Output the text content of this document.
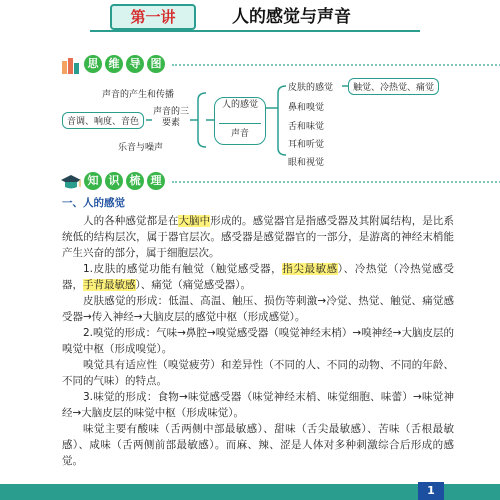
第一讲	人的感觉与声音
思 维 导 图
声音的产生和传播
音调、响度、音色
声音的三要素
乐音与噪声
人的感觉
声音
皮肤的感觉	触觉、冷热觉、痛觉
鼻和嗅觉
舌和味觉
耳和听觉
眼和视觉
知 识 梳 理

一、人的感觉

人的各种感觉都是在大脑中形成的。感觉器官是指感受器及其附属结构，是比系统低的结构层次，属于器官层次。感受器是感觉器官的一部分，是游离的神经末梢能产生兴奋的部分，属于细胞层次。

1.皮肤的感觉功能有触觉（触觉感受器，指尖最敏感）、冷热觉（冷热觉感受器，手背最敏感）、痛觉（痛觉感受器）。

皮肤感觉的形成：低温、高温、触压、损伤等刺激→冷觉、热觉、触觉、痛觉感受器→传入神经→大脑皮层的感觉中枢（形成感觉）。

2.嗅觉的形成：气味→鼻腔→嗅觉感受器（嗅觉神经末梢）→嗅神经→大脑皮层的嗅觉中枢（形成嗅觉）。

嗅觉具有适应性（嗅觉疲劳）和差异性（不同的人、不同的动物、不同的年龄、不同的气味）的特点。

3.味觉的形成：食物→味觉感受器（味觉神经末梢、味觉细胞、味蕾）→味觉神经→大脑皮层的味觉中枢（形成味觉）。

味觉主要有酸味（舌两侧中部最敏感）、甜味（舌尖最敏感）、苦味（舌根最敏感）、咸味（舌两侧前部最敏感）。而麻、辣、涩是人体对多种刺激综合后形成的感觉。

1
